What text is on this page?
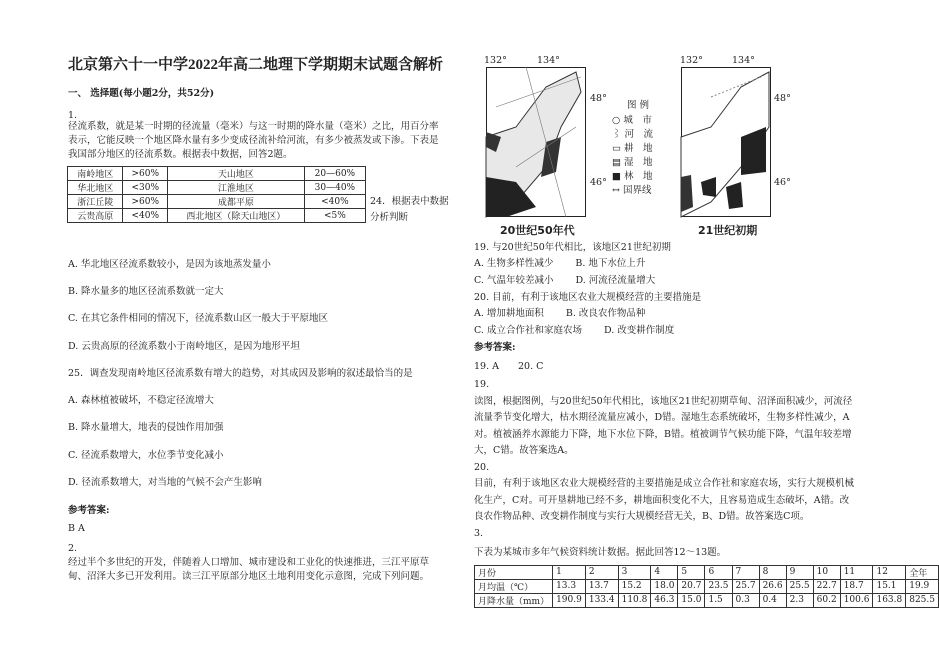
北京第六十一中学2022年高二地理下学期期末试题含解析
一、 选择题(每小题2分，共52分)
1.
径流系数，就是某一时期的径流量（毫米）与这一时期的降水量（毫米）之比，用百分率表示，它能反映一个地区降水量有多少变成径流补给河流，有多少被蒸发或下渗。下表是我国部分地区的径流系数。根据表中数据，回答2题。
南岭地区	>60%	天山地区	20—60%
华北地区	<30%	江淮地区	30—40%
浙江丘陵	>60%	成都平原	<40%
云贵高原	<40%	西北地区（除天山地区）	<5%
24．根据表中数据
分析判断
A. 华北地区径流系数较小，是因为该地蒸发量小
B. 降水量多的地区径流系数就一定大
C. 在其它条件相同的情况下，径流系数山区一般大于平原地区
D. 云贵高原的径流系数小于南岭地区，是因为地形平坦
25．调查发现南岭地区径流系数有增大的趋势，对其成因及影响的叙述最恰当的是
A. 森林植被破坏，不稳定径流增大
B. 降水量增大，地表的侵蚀作用加强
C. 径流系数增大，水位季节变化减小
D. 径流系数增大，对当地的气候不会产生影响
参考答案:
B A
2.
经过半个多世纪的开发，伴随着人口增加、城市建设和工业化的快速推进，三江平原草甸、沼泽大多已开发利用。读三江平原部分地区土地利用变化示意图，完成下列问题。
132°	134°
48°
46°
图 例
○ 城　市
⌇ 河　流
▭ 耕　地
▤ 湿　地
■ 林　地
↔ 国界线
20世纪50年代
132°	134°
48°
46°
21世纪初期
19. 与20世纪50年代相比，该地区21世纪初期
A. 生物多样性减少 B. 地下水位上升
C. 气温年较差减小 D. 河流径流量增大
20. 目前，有利于该地区农业大规模经营的主要措施是
A. 增加耕地面积 B. 改良农作物品种
C. 成立合作社和家庭农场 D. 改变耕作制度
参考答案:
19. A　　20. C
19.
读图，根据图例，与20世纪50年代相比，该地区21世纪初期草甸、沼泽面积减少，河流径流量季节变化增大，枯水期径流量应减小，D错。湿地生态系统破坏，生物多样性减少，A对。植被涵养水源能力下降，地下水位下降，B错。植被调节气候功能下降，气温年较差增大，C错。故答案选A。
20.
目前，有利于该地区农业大规模经营的主要措施是成立合作社和家庭农场，实行大规模机械化生产，C对。可开垦耕地已经不多，耕地面积变化不大，且容易造成生态破坏，A错。改良农作物品种、改变耕作制度与实行大规模经营无关，B、D错。故答案选C项。
3.
下表为某城市多年气候资料统计数据。据此回答12～13题。
月份	1	2	3	4	5	6	7	8	9	10	11	12	全年
月均温（℃）	13.3	13.7	15.2	18.0	20.7	23.5	25.7	26.6	25.5	22.7	18.7	15.1	19.9
月降水量（mm）	190.9	133.4	110.8	46.3	15.0	1.5	0.3	0.4	2.3	60.2	100.6	163.8	825.5
